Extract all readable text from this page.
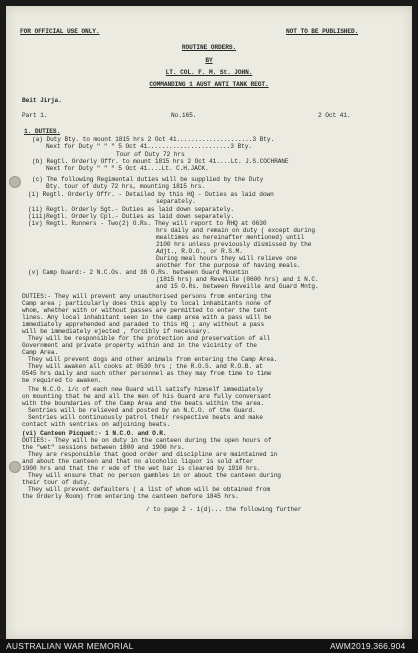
FOR OFFICIAL USE ONLY.	NOT TO BE PUBLISHED.
ROUTINE ORDERS.
BY
LT. COL. F. M. St. JOHN.
COMMANDING 1 AUST ANTI TANK REGT.
Beit Jirja.
Part 1.	No.165.	2 Oct 41.
1. DUTIES.
(a) Duty Bty. to mount 1815 hrs 2 Oct 41.....................3 Bty.
Next for Duty " " " 5 Oct 41.......................3 Bty.
Tour of Duty 72 hrs
(b) Regtl. Orderly Offr. to mount 1815 hrs 2 Oct 41....Lt. J.S.COCHRANE
Next for Duty " " " 5 Oct 41....Lt. C.H.JACK.
(c) The following Regimental duties will be supplied by the Duty
Bty. tour of duty 72 hrs, mounting 1815 hrs.
(i) Regtl. Orderly Offr. - Detailed by this HQ - Duties as laid down
separately.
(ii) Regtl. Orderly Sgt.- Duties as laid down separately.
(iii)Regtl. Orderly Cpl.- Duties as laid down separately.
(iv) Regtl. Runners - Two(2) O.Rs. They will report to RHQ at 0630
hrs daily and remain on duty ( except during
mealtimes as hereinafter mentioned) until
2100 hrs unless previously dismissed by the
Adjt., R.O.O., or R.S.M.
During meal hours they will relieve one
another for the purpose of having meals.
(v) Camp Guard:- 2 N.C.Os. and 36 O.Rs. between Guard Mountin
(1815 hrs) and Reveille (0600 hrs) and 1 N.C.
and 15 O.Rs. between Reveille and Guard Mntg.
DUTIES:- They will prevent any unauthorised persons from entering the
Camp area ; particularly does this apply to local inhabitants none of
whom, whether with or without passes are permitted to enter the tent
lines. Any local inhabitant seen in the camp area with a pass will be
immediately apprehended and paraded to this HQ ; any without a pass
will be immediately ejected , forcibly if necessary.
They will be responsible for the protection and preservation of all
Government and private property within and in the vicinity of the
Camp Area.
They will prevent dogs and other animals from entering the Camp Area.
They will awaken all cooks at 0530 hrs ; the R.O.S. and R.O.B. at
0545 hrs daily and such other personnel as they may from time to time
be required to awaken.
The N.C.O. i/c of each new Guard will satisfy himself immediately
on mounting that he and all the men of his Guard are fully conversant
with the boundaries of the Camp Area and the beats within the area.
Sentries will be relieved and posted by an N.C.O. of the Guard.
Sentries will continuously patrol their respective beats and make
contact with sentries on adjoining beats.
(vi) Canteen Picquet:- 1 N.C.O. and O.R.
DUTIES:- They will be on duty in the canteen during the open hours of
the "wet" sessions between 1800 and 1900 hrs.
They are responsible that good order and discipline are maintained in
and about the canteen and that no alcoholic liquor is sold after
1900 hrs and that the r ede of the wet bar is cleared by 1910 hrs.
They will ensure that no person gambles in or about the canteen during
their tour of duty.
They will prevent defaulters ( a list of whom will be obtained from
the Orderly Room) from entering the canteen before 1845 hrs.
/ to page 2 - 1(d)... the following further
AUSTRALIAN WAR MEMORIAL	AWM2019.366.904
